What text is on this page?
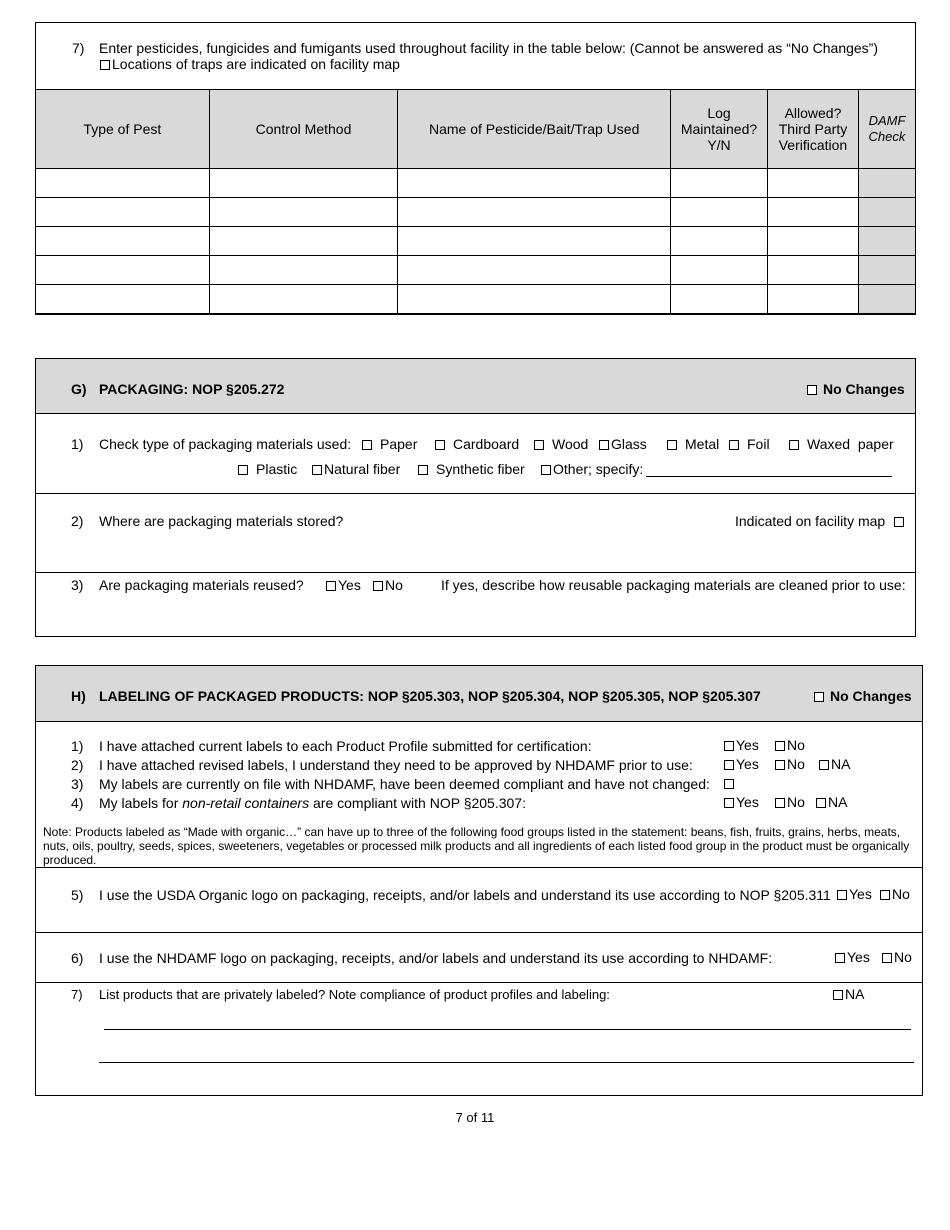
7) Enter pesticides, fungicides and fumigants used throughout facility in the table below: (Cannot be answered as “No Changes”)
Locations of traps are indicated on facility map
Type of Pest	Control Method	Name of Pesticide/Bait/Trap Used	Log Maintained? Y/N	Allowed? Third Party Verification	DAMF Check

G) PACKAGING: NOP §205.272	No Changes
1) Check type of packaging materials used:	Paper	Cardboard	Wood	Glass	Metal	Foil	Waxed  paper
Plastic	Natural fiber	Synthetic fiber	Other; specify:
2) Where are packaging materials stored?	Indicated on facility map
3) Are packaging materials reused?	Yes	No	If yes, describe how reusable packaging materials are cleaned prior to use:
H) LABELING OF PACKAGED PRODUCTS: NOP §205.303, NOP §205.304, NOP §205.305, NOP §205.307	No Changes
1) I have attached current labels to each Product Profile submitted for certification:	Yes	No
2) I have attached revised labels, I understand they need to be approved by NHDAMF prior to use:	Yes	No	NA
3) My labels are currently on file with NHDAMF, have been deemed compliant and have not changed:
4) My labels for non-retail containers are compliant with NOP §205.307:	Yes	No	NA
Note: Products labeled as “Made with organic…” can have up to three of the following food groups listed in the statement: beans, fish, fruits, grains, herbs, meats, nuts, oils, poultry, seeds, spices, sweeteners, vegetables or processed milk products and all ingredients of each listed food group in the product must be organically produced.
5) I use the USDA Organic logo on packaging, receipts, and/or labels and understand its use according to NOP §205.311	Yes	No
6) I use the NHDAMF logo on packaging, receipts, and/or labels and understand its use according to NHDAMF:	Yes	No
7) List products that are privately labeled? Note compliance of product profiles and labeling:	NA
7 of 11
